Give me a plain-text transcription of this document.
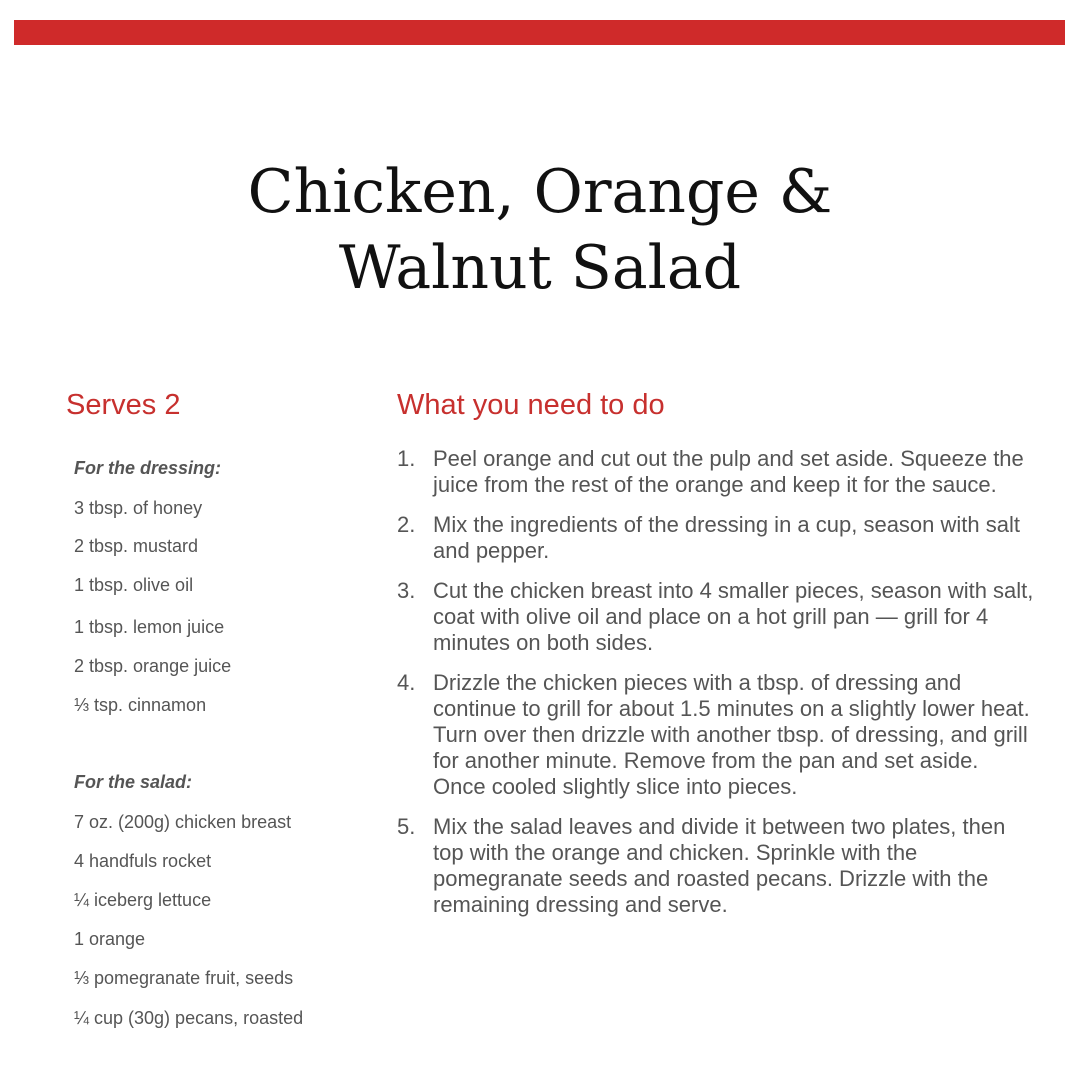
Chicken, Orange &
Walnut Salad
Serves 2

For the dressing:

3 tbsp. of honey

2 tbsp. mustard

1 tbsp. olive oil

1 tbsp. lemon juice

2 tbsp. orange juice

⅓ tsp. cinnamon

For the salad:

7 oz. (200g) chicken breast

4 handfuls rocket

¼ iceberg lettuce

1 orange

⅓ pomegranate fruit, seeds

¼ cup (30g) pecans, roasted

What you need to do
1. Peel orange and cut out the pulp and set aside. Squeeze the juice from the rest of the orange and keep it for the sauce.
2. Mix the ingredients of the dressing in a cup, season with salt and pepper.
3. Cut the chicken breast into 4 smaller pieces, season with salt, coat with olive oil and place on a hot grill pan — grill for 4 minutes on both sides.
4. Drizzle the chicken pieces with a tbsp. of dressing and continue to grill for about 1.5 minutes on a slightly lower heat. Turn over then drizzle with another tbsp. of dressing, and grill for another minute. Remove from the pan and set aside. Once cooled slightly slice into pieces.
5. Mix the salad leaves and divide it between two plates, then top with the orange and chicken. Sprinkle with the pomegranate seeds and roasted pecans. Drizzle with the remaining dressing and serve.
